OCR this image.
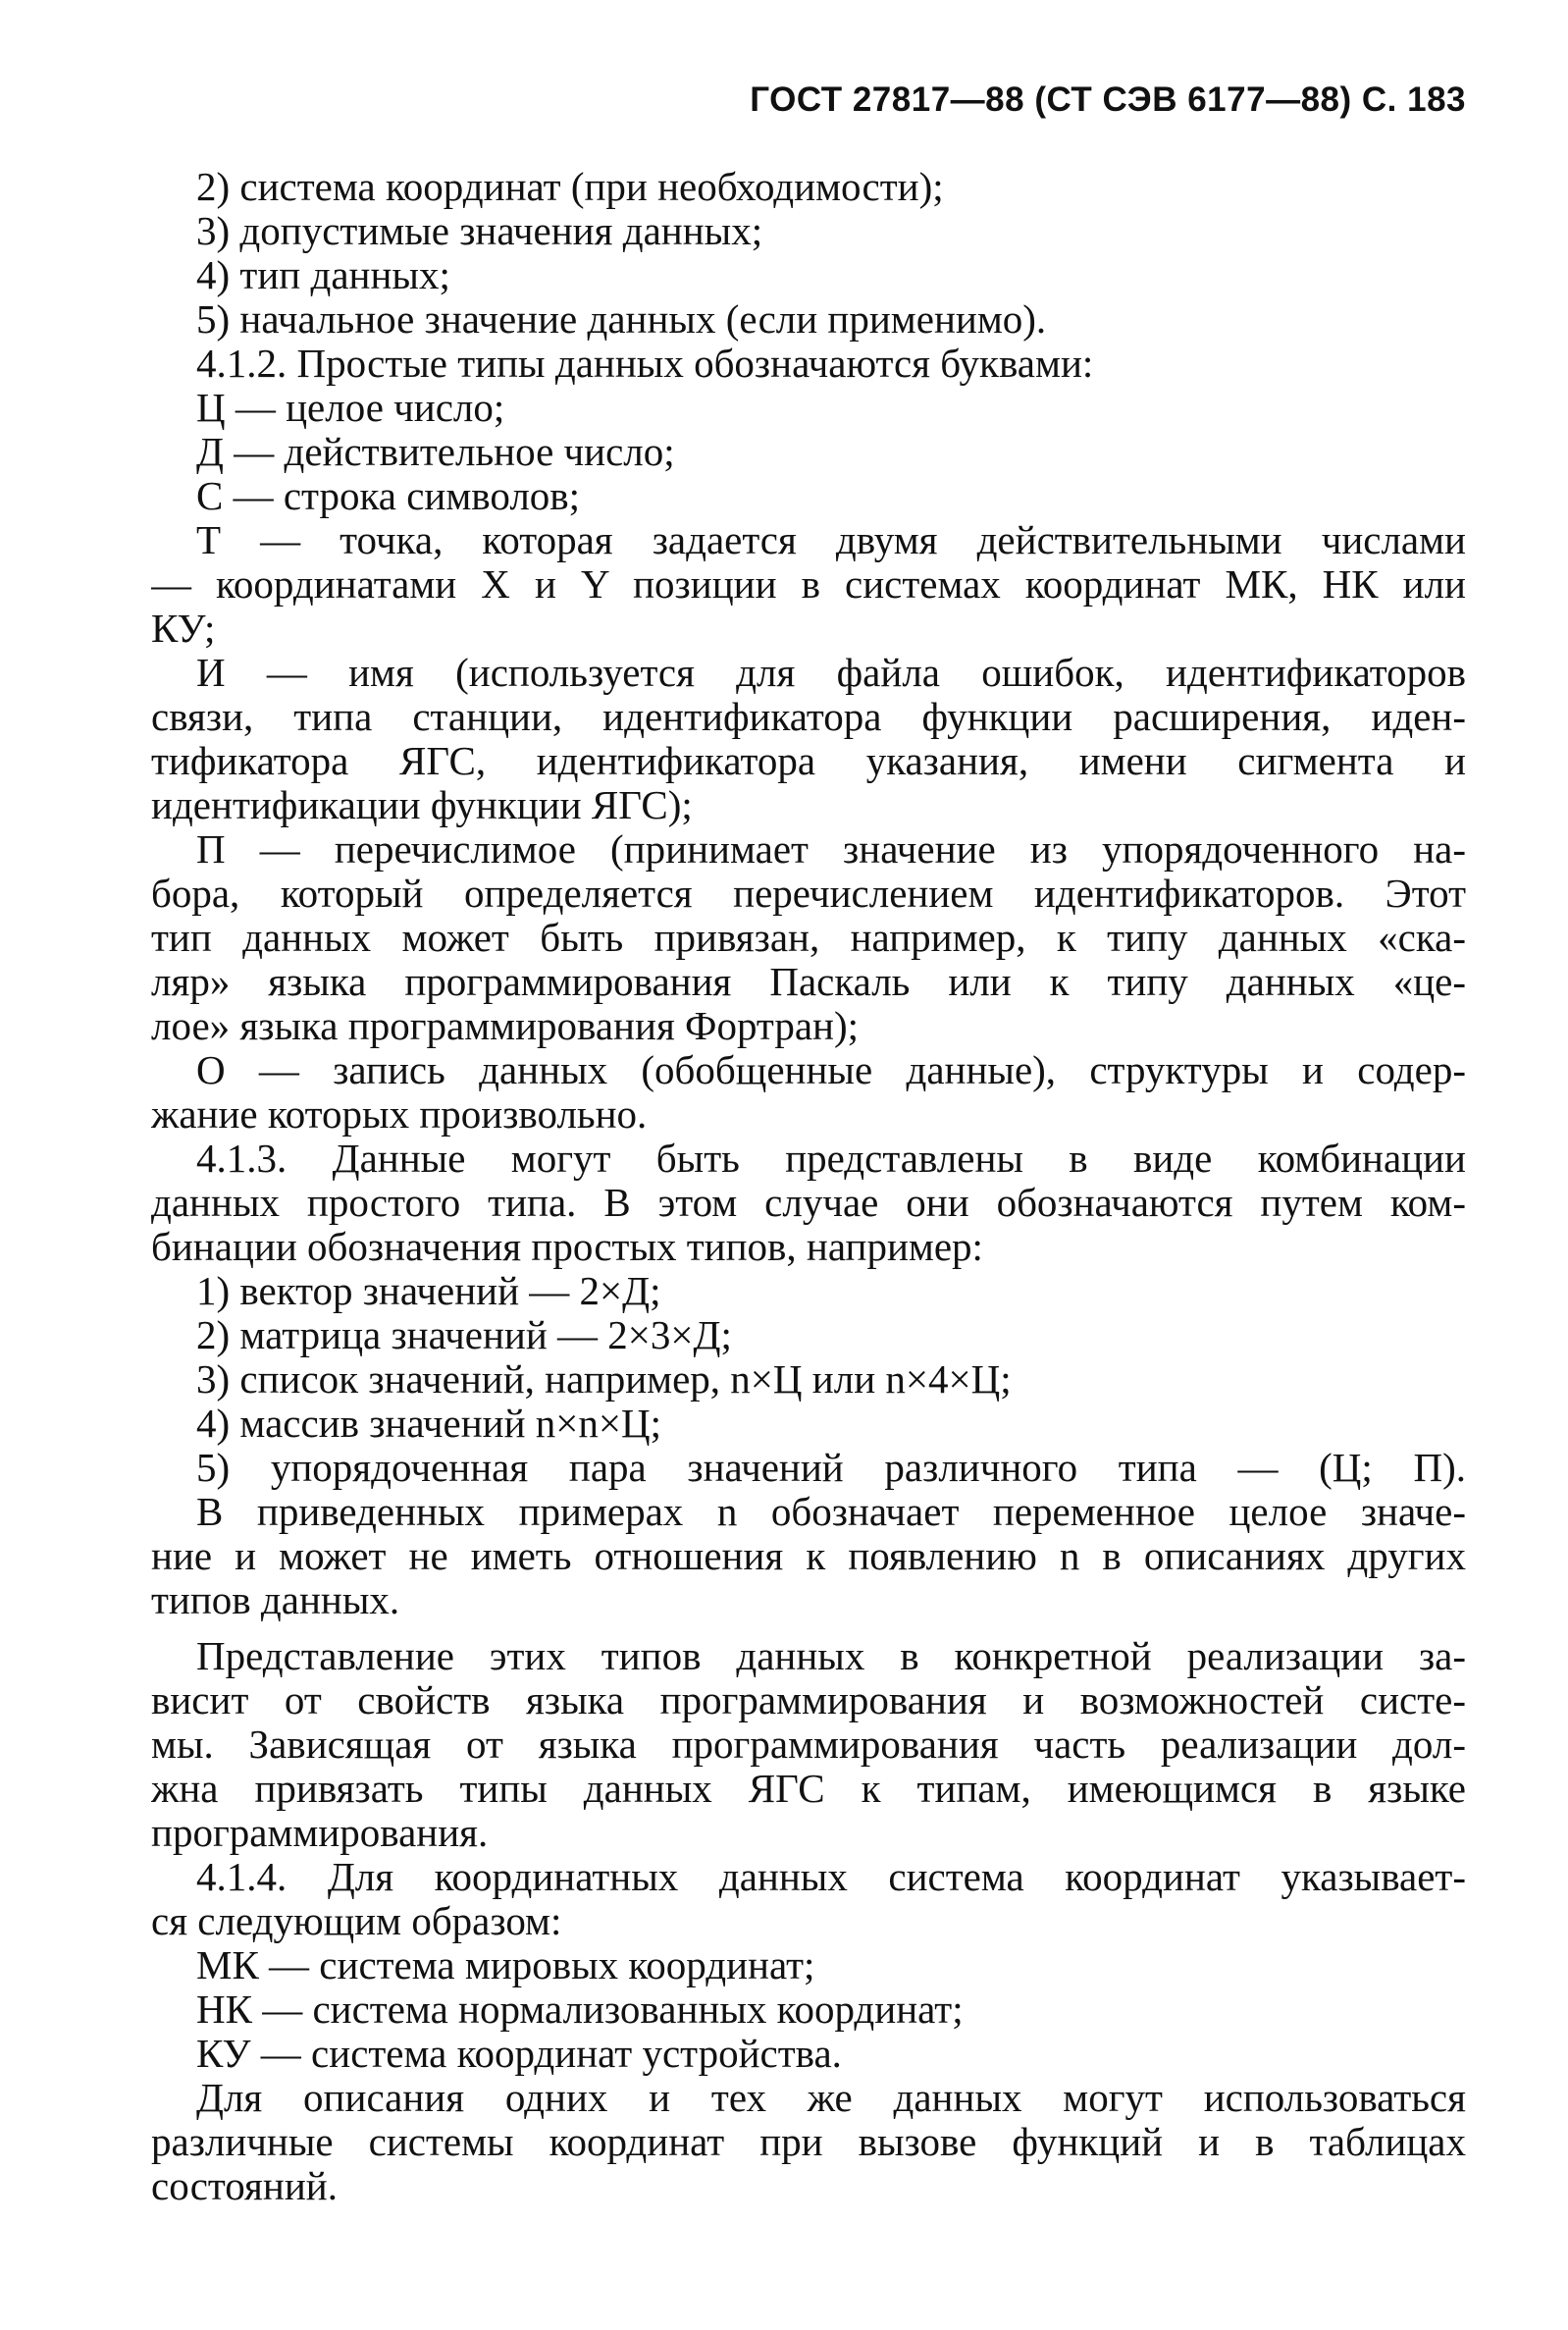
ГОСТ 27817—88 (СТ СЭВ 6177—88) С. 183
2) система координат (при необходимости);
3) допустимые значения данных;
4) тип данных;
5) начальное значение данных (если применимо).
4.1.2. Простые типы данных обозначаются буквами:
Ц — целое число;
Д — действительное число;
С — строка символов;
Т — точка, которая задается двумя действительными числами
— координатами X и Y позиции в системах координат МК, НК или
КУ;
И — имя (используется для файла ошибок, идентификаторов
связи, типа станции, идентификатора функции расширения, иден-
тификатора ЯГС, идентификатора указания, имени сигмента и
идентификации функции ЯГС);
П — перечислимое (принимает значение из упорядоченного на-
бора, который определяется перечислением идентификаторов. Этот
тип данных может быть привязан, например, к типу данных «ска-
ляр» языка программирования Паскаль или к типу данных «це-
лое» языка программирования Фортран);
О — запись данных (обобщенные данные), структуры и содер-
жание которых произвольно.
4.1.3. Данные могут быть представлены в виде комбинации
данных простого типа. В этом случае они обозначаются путем ком-
бинации обозначения простых типов, например:
1) вектор значений — 2×Д;
2) матрица значений — 2×3×Д;
3) список значений, например, n×Ц или n×4×Ц;
4) массив значений n×n×Ц;
5) упорядоченная пара значений различного типа — (Ц; П).
В приведенных примерах n обозначает переменное целое значе-
ние и может не иметь отношения к появлению n в описаниях других
типов данных.
Представление этих типов данных в конкретной реализации за-
висит от свойств языка программирования и возможностей систе-
мы. Зависящая от языка программирования часть реализации дол-
жна привязать типы данных ЯГС к типам, имеющимся в языке
программирования.
4.1.4. Для координатных данных система координат указывает-
ся следующим образом:
МК — система мировых координат;
НК — система нормализованных координат;
КУ — система координат устройства.
Для описания одних и тех же данных могут использоваться
различные системы координат при вызове функций и в таблицах
состояний.
